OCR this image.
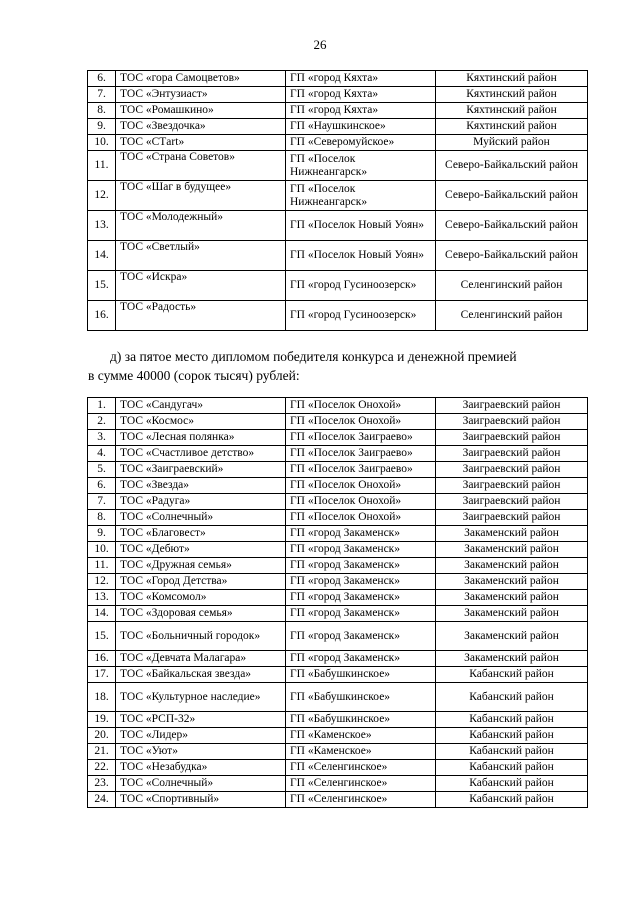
26
6.	ТОС «гора Самоцветов»	ГП «город Кяхта»	Кяхтинский район
7.	ТОС «Энтузиаст»	ГП «город Кяхта»	Кяхтинский район
8.	ТОС «Ромашкино»	ГП «город Кяхта»	Кяхтинский район
9.	ТОС «Звездочка»	ГП «Наушкинское»	Кяхтинский район
10.	ТОС «СТart»	ГП «Северомуйское»	Муйский район
11.	ТОС «Страна Советов»	ГП «Поселок Нижнеангарск»	Северо-Байкальский район
12.	ТОС «Шаг в будущее»	ГП «Поселок Нижнеангарск»	Северо-Байкальский район
13.	ТОС «Молодежный»	ГП «Поселок Новый Уоян»	Северо-Байкальский район
14.	ТОС «Светлый»	ГП «Поселок Новый Уоян»	Северо-Байкальский район
15.	ТОС «Искра»	ГП «город Гусиноозерск»	Селенгинский район
16.	ТОС «Радость»	ГП «город Гусиноозерск»	Селенгинский район
д) за пятое место дипломом победителя конкурса и денежной премией
в сумме 40000 (сорок тысяч) рублей:
1.	ТОС «Сандугач»	ГП «Поселок Онохой»	Заиграевский район
2.	ТОС «Космос»	ГП «Поселок Онохой»	Заиграевский район
3.	ТОС «Лесная полянка»	ГП «Поселок Заиграево»	Заиграевский район
4.	ТОС «Счастливое детство»	ГП «Поселок Заиграево»	Заиграевский район
5.	ТОС «Заиграевский»	ГП «Поселок Заиграево»	Заиграевский район
6.	ТОС «Звезда»	ГП «Поселок Онохой»	Заиграевский район
7.	ТОС «Радуга»	ГП «Поселок Онохой»	Заиграевский район
8.	ТОС «Солнечный»	ГП «Поселок Онохой»	Заиграевский район
9.	ТОС «Благовест»	ГП «город Закаменск»	Закаменский район
10.	ТОС «Дебют»	ГП «город Закаменск»	Закаменский район
11.	ТОС «Дружная семья»	ГП «город Закаменск»	Закаменский район
12.	ТОС «Город Детства»	ГП «город Закаменск»	Закаменский район
13.	ТОС «Комсомол»	ГП «город Закаменск»	Закаменский район
14.	ТОС «Здоровая семья»	ГП «город Закаменск»	Закаменский район
15.	ТОС «Больничный городок»	ГП «город Закаменск»	Закаменский район
16.	ТОС «Девчата Малагара»	ГП «город Закаменск»	Закаменский район
17.	ТОС «Байкальская звезда»	ГП «Бабушкинское»	Кабанский район
18.	ТОС «Культурное наследие»	ГП «Бабушкинское»	Кабанский район
19.	ТОС «РСП-32»	ГП «Бабушкинское»	Кабанский район
20.	ТОС «Лидер»	ГП «Каменское»	Кабанский район
21.	ТОС «Уют»	ГП «Каменское»	Кабанский район
22.	ТОС «Незабудка»	ГП «Селенгинское»	Кабанский район
23.	ТОС «Солнечный»	ГП «Селенгинское»	Кабанский район
24.	ТОС «Спортивный»	ГП «Селенгинское»	Кабанский район
